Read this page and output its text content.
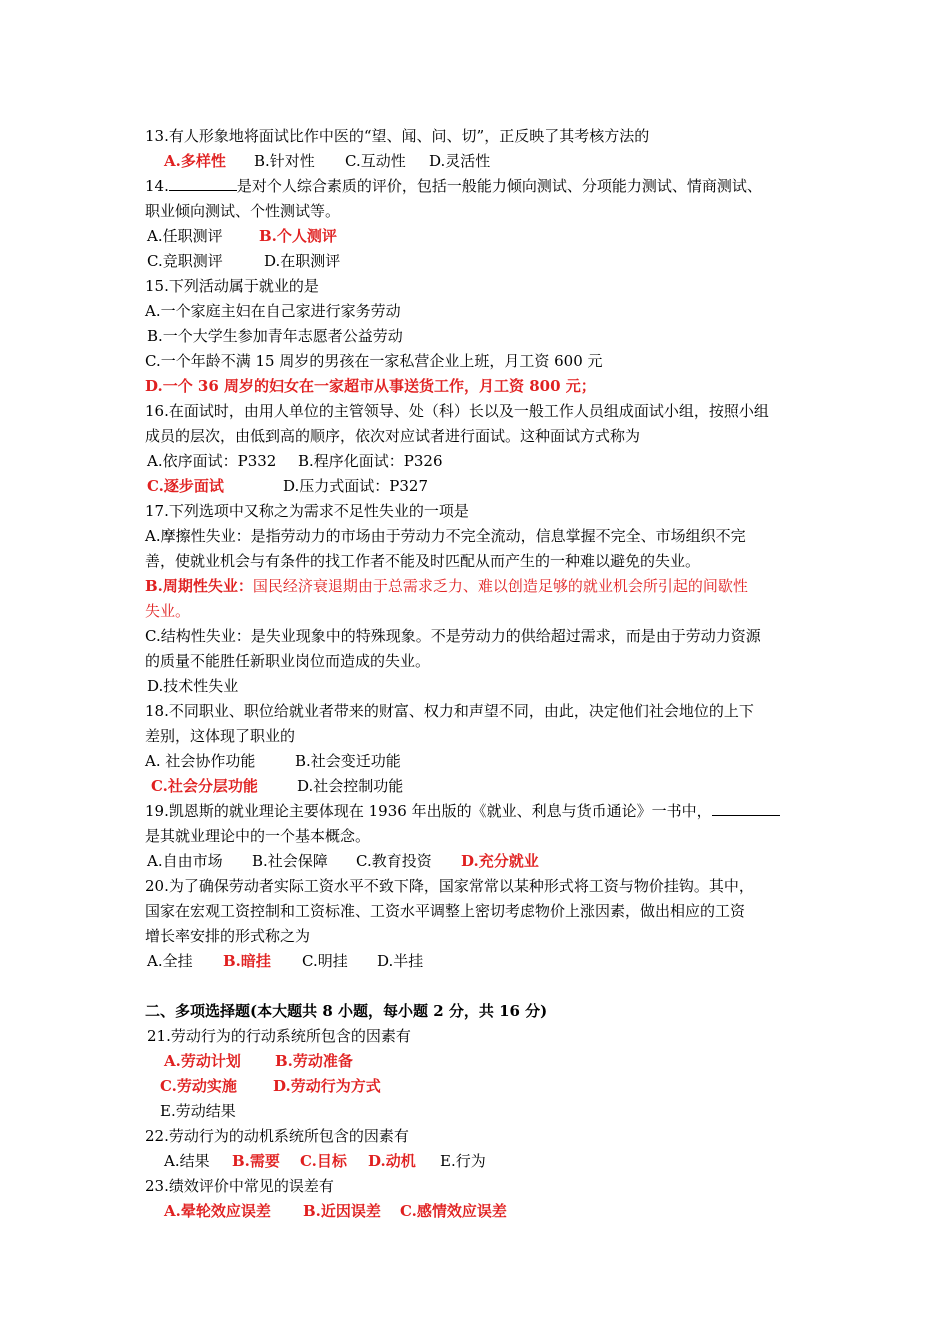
13.有人形象地将面试比作中医的“望、闻、问、切”，正反映了其考核方法的
A.多样性 B.针对性 C.互动性 D.灵活性
14.	是对个人综合素质的评价，包括一般能力倾向测试、分项能力测试、情商测试、
职业倾向测试、个性测试等。
A.任职测评 B.个人测评
C.竞职测评	D.在职测评
15.下列活动属于就业的是
A.一个家庭主妇在自己家进行家务劳动
B.一个大学生参加青年志愿者公益劳动
C.一个年龄不满 15 周岁的男孩在一家私营企业上班，月工资 600 元
D.一个 36 周岁的妇女在一家超市从事送货工作，月工资 800 元；
16.在面试时，由用人单位的主管领导、处（科）长以及一般工作人员组成面试小组，按照小组
成员的层次，由低到高的顺序，依次对应试者进行面试。这种面试方式称为
A.依序面试：P332 B.程序化面试：P326
C.逐步面试	D.压力式面试：P327
17.下列选项中又称之为需求不足性失业的一项是
A.摩擦性失业：是指劳动力的市场由于劳动力不完全流动，信息掌握不完全、市场组织不完
善，使就业机会与有条件的找工作者不能及时匹配从而产生的一种难以避免的失业。
B.周期性失业：国民经济衰退期由于总需求乏力、难以创造足够的就业机会所引起的间歇性
失业。
C.结构性失业：是失业现象中的特殊现象。不是劳动力的供给超过需求，而是由于劳动力资源
的质量不能胜任新职业岗位而造成的失业。
D.技术性失业
18.不同职业、职位给就业者带来的财富、权力和声望不同，由此，决定他们社会地位的上下
差别，这体现了职业的
A. 社会协作功能	B.社会变迁功能
C.社会分层功能	D.社会控制功能
19.凯恩斯的就业理论主要体现在 1936 年出版的《就业、利息与货币通论》一书中，
是其就业理论中的一个基本概念。
A.自由市场 B.社会保障 C.教育投资 D.充分就业
20.为了确保劳动者实际工资水平不致下降，国家常常以某种形式将工资与物价挂钩。其中，
国家在宏观工资控制和工资标准、工资水平调整上密切考虑物价上涨因素，做出相应的工资
增长率安排的形式称之为
A.全挂 B.暗挂 C.明挂 D.半挂
二、多项选择题(本大题共 8 小题，每小题 2 分，共 16 分)
21.劳动行为的行动系统所包含的因素有
A.劳动计划 B.劳动准备
C.劳动实施 D.劳动行为方式
E.劳动结果
22.劳动行为的动机系统所包含的因素有
A.结果 B.需要 C.目标 D.动机 E.行为
23.绩效评价中常见的误差有
A.晕轮效应误差 B.近因误差 C.感情效应误差
